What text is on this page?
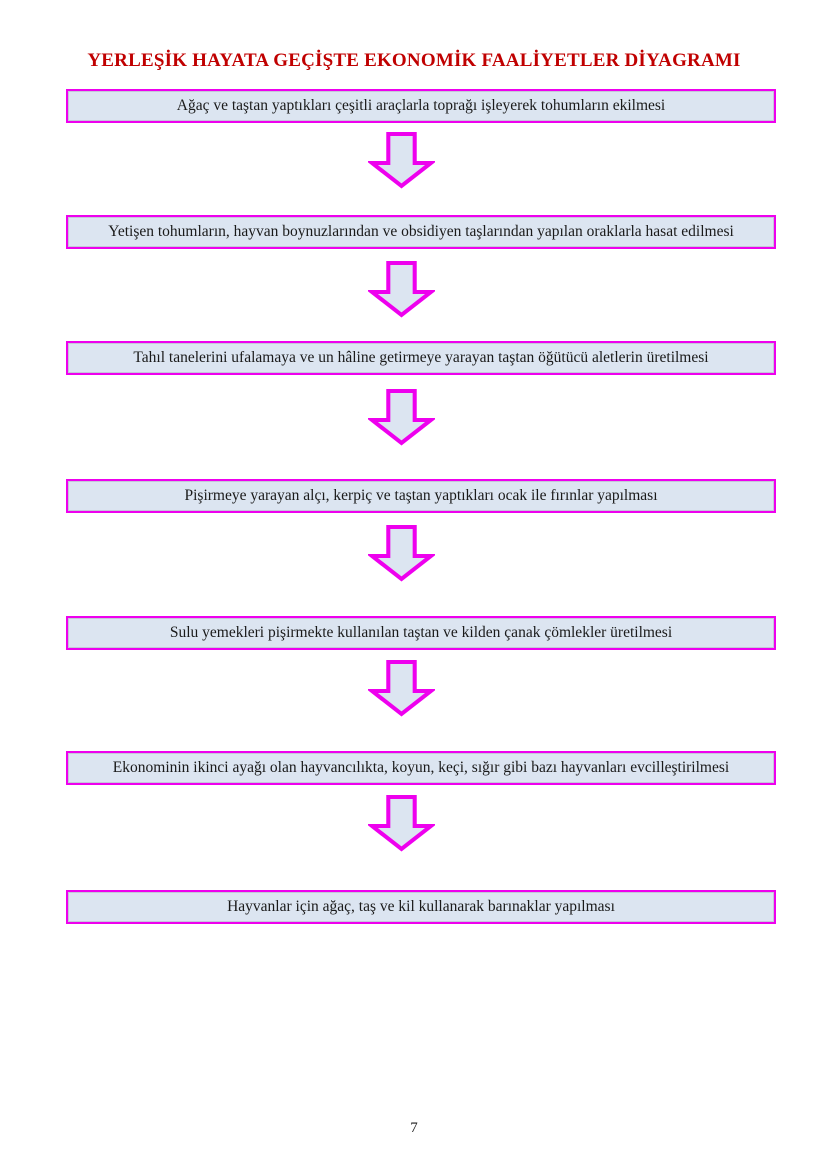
YERLEŞİK HAYATA GEÇİŞTE EKONOMİK FAALİYETLER DİYAGRAMI
Ağaç ve taştan yaptıkları çeşitli araçlarla toprağı işleyerek tohumların ekilmesi
Yetişen tohumların, hayvan boynuzlarından ve obsidiyen taşlarından yapılan oraklarla hasat edilmesi
Tahıl tanelerini ufalamaya ve un hâline getirmeye yarayan taştan öğütücü aletlerin üretilmesi
Pişirmeye yarayan alçı, kerpiç ve taştan yaptıkları ocak ile fırınlar yapılması
Sulu yemekleri pişirmekte kullanılan taştan ve kilden çanak çömlekler üretilmesi
Ekonominin ikinci ayağı olan hayvancılıkta, koyun, keçi, sığır gibi bazı hayvanları evcilleştirilmesi
Hayvanlar için ağaç, taş ve kil kullanarak barınaklar yapılması
7
